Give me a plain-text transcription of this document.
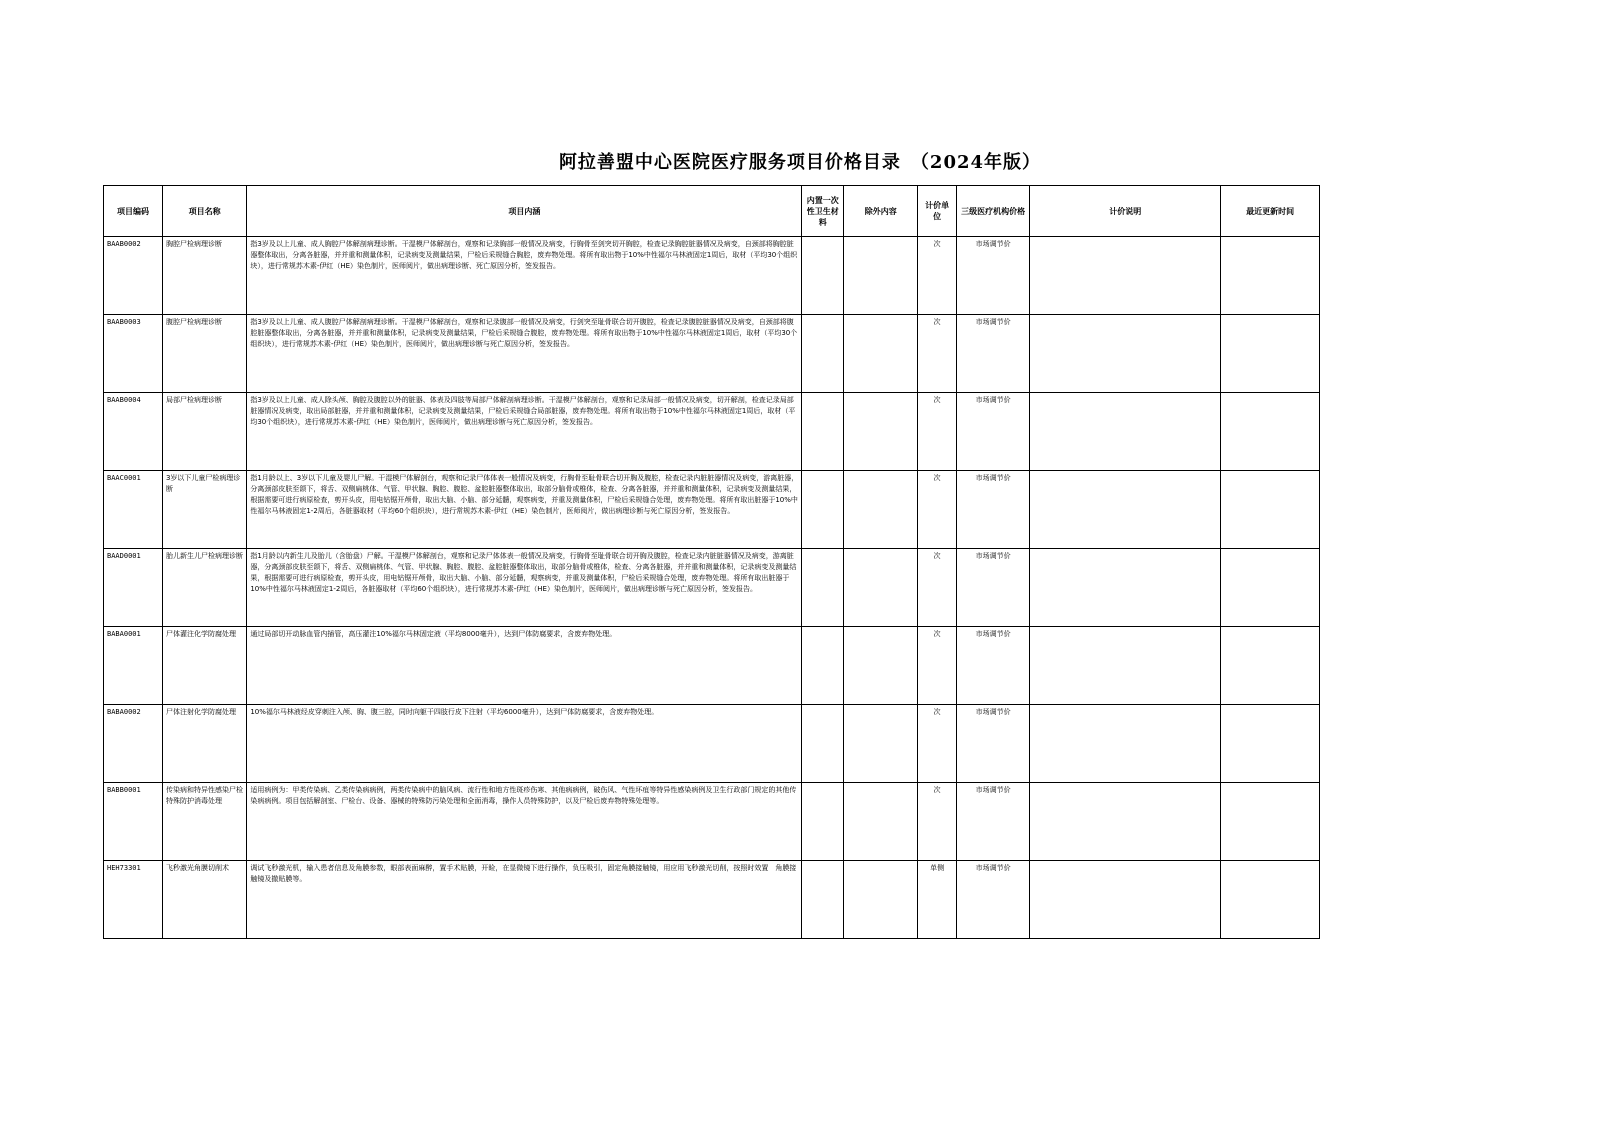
阿拉善盟中心医院医疗服务项目价格目录　（2024年版）
项目编码	项目名称	项目内涵	内置一次性卫生材料	除外内容	计价单位	三级医疗机构价格	计价说明	最近更新时间
BAAB0002	胸腔尸检病理诊断	指3岁及以上儿童、成人胸腔尸体解剖病理诊断。干湿模尸体解剖台，观察和记录胸部一般情况及病变，行胸骨至剑突切开胸腔，检查记录胸腔脏器情况及病变，自颈部将胸腔脏器整体取出，分离各脏器，并并重和测量体积，记录病变及测量结果，尸检后采规缝合胸腔，废弃物处理。将所有取出物于10%中性福尔马林液固定1周后，取材（平均30个组织块），进行常规苏木素-伊红（HE）染色制片，医师阅片，做出病理诊断、死亡原因分析，签发报告。			次	市场调节价		
BAAB0003	腹腔尸检病理诊断	指3岁及以上儿童、成人腹腔尸体解剖病理诊断。干湿模尸体解剖台，观察和记录腹部一般情况及病变，行剑突至耻骨联合切开腹腔，检查记录腹腔脏器情况及病变，自颈部将腹腔脏器整体取出，分离各脏器，并并重和测量体积，记录病变及测量结果，尸检后采规缝合腹腔，废弃物处理。将所有取出物于10%中性福尔马林液固定1周后，取材（平均30个组织块），进行常规苏木素-伊红（HE）染色制片，医师阅片，做出病理诊断与死亡原因分析，签发报告。			次	市场调节价		
BAAB0004	局部尸检病理诊断	指3岁及以上儿童、成人除头颅、胸腔及腹腔以外的脏器、体表及四肢等局部尸体解剖病理诊断。干湿模尸体解剖台，观察和记录局部一般情况及病变，切开解剖，检查记录局部脏器情况及病变，取出局部脏器，并并重和测量体积，记录病变及测量结果，尸检后采规缝合局部脏器，废弃物处理。将所有取出物于10%中性福尔马林液固定1周后，取材（平均30个组织块），进行常规苏木素-伊红（HE）染色制片，医师阅片，做出病理诊断与死亡原因分析，签发报告。			次	市场调节价		
BAAC0001	3岁以下儿童尸检病理诊断	指1月龄以上、3岁以下儿童及婴儿尸解。干湿模尸体解剖台，观察和记录尸体体表一般情况及病变，行胸骨至耻骨联合切开胸及腹腔，检查记录内脏脏器情况及病变，游离脏器，分离颈部皮肤至颌下，将舌、双侧扁桃体、气管、甲状腺、胸腔、腹腔、盆腔脏器整体取出，取部分脑骨或椎体，检查、分离各脏器，并并重和测量体积，记录病变及测量结果，根据需要可进行病原检查，剪开头皮，用电钻锯开颅骨，取出大脑、小脑、部分延髓，观察病变，并重及测量体积，尸检后采规缝合处理，废弃物处理。将所有取出脏器于10%中性福尔马林液固定1-2周后，各脏器取材（平均60个组织块），进行常规苏木素-伊红（HE）染色制片，医师阅片，做出病理诊断与死亡原因分析，签发报告。			次	市场调节价		
BAAD0001	胎儿新生儿尸检病理诊断	指1月龄以内新生儿及胎儿（含胎盘）尸解。干湿模尸体解剖台，观察和记录尸体体表一般情况及病变，行胸骨至耻骨联合切开胸及腹腔，检查记录内脏脏器情况及病变，游离脏器，分离颈部皮肤至颌下，将舌、双侧扁桃体、气管、甲状腺、胸腔、腹腔、盆腔脏器整体取出，取部分脑骨或椎体，检查、分离各脏器，并并重和测量体积，记录病变及测量结果，根据需要可进行病原检查，剪开头皮，用电钻锯开颅骨，取出大脑、小脑、部分延髓，观察病变，并重及测量体积，尸检后采规缝合处理，废弃物处理。将所有取出脏器于10%中性福尔马林液固定1-2周后，各脏器取材（平均60个组织块），进行常规苏木素-伊红（HE）染色制片，医师阅片，做出病理诊断与死亡原因分析，签发报告。			次	市场调节价		
BABA0001	尸体灌注化学防腐处理	通过局部切开动脉血管内插管，高压灌注10%福尔马林固定液（平均8000毫升），达到尸体防腐要求，含废弃物处理。			次	市场调节价		
BABA0002	尸体注射化学防腐处理	10%福尔马林液经皮穿刺注入颅、胸、腹三腔，同时向躯干四肢行皮下注射（平均6000毫升），达到尸体防腐要求，含废弃物处理。			次	市场调节价		
BABB0001	传染病和特异性感染尸检特殊防护消毒处理	适用病例为：甲类传染病、乙类传染病病例，两类传染病中的脑风病、流行性和地方性斑疹伤寒、其他病病例，破伤风、气性坏疽等特异性感染病例及卫生行政部门规定的其他传染病病例。项目包括解剖室、尸检台、设备、器械的特殊防污染处理和全面消毒，操作人员特殊防护，以及尸检后废弃物特殊处理等。			次	市场调节价		
HEH73301	飞秒激光角膜切削术	调试飞秒激光机，输入患者信息及角膜参数，眼部表面麻醉，置手术贴膜，开睑，在显微镜下进行操作，负压吸引，固定角膜接触镜，用应用飞秒激光切削，按照时效置　角膜接触镜及撤贴膜等。			单侧	市场调节价		
